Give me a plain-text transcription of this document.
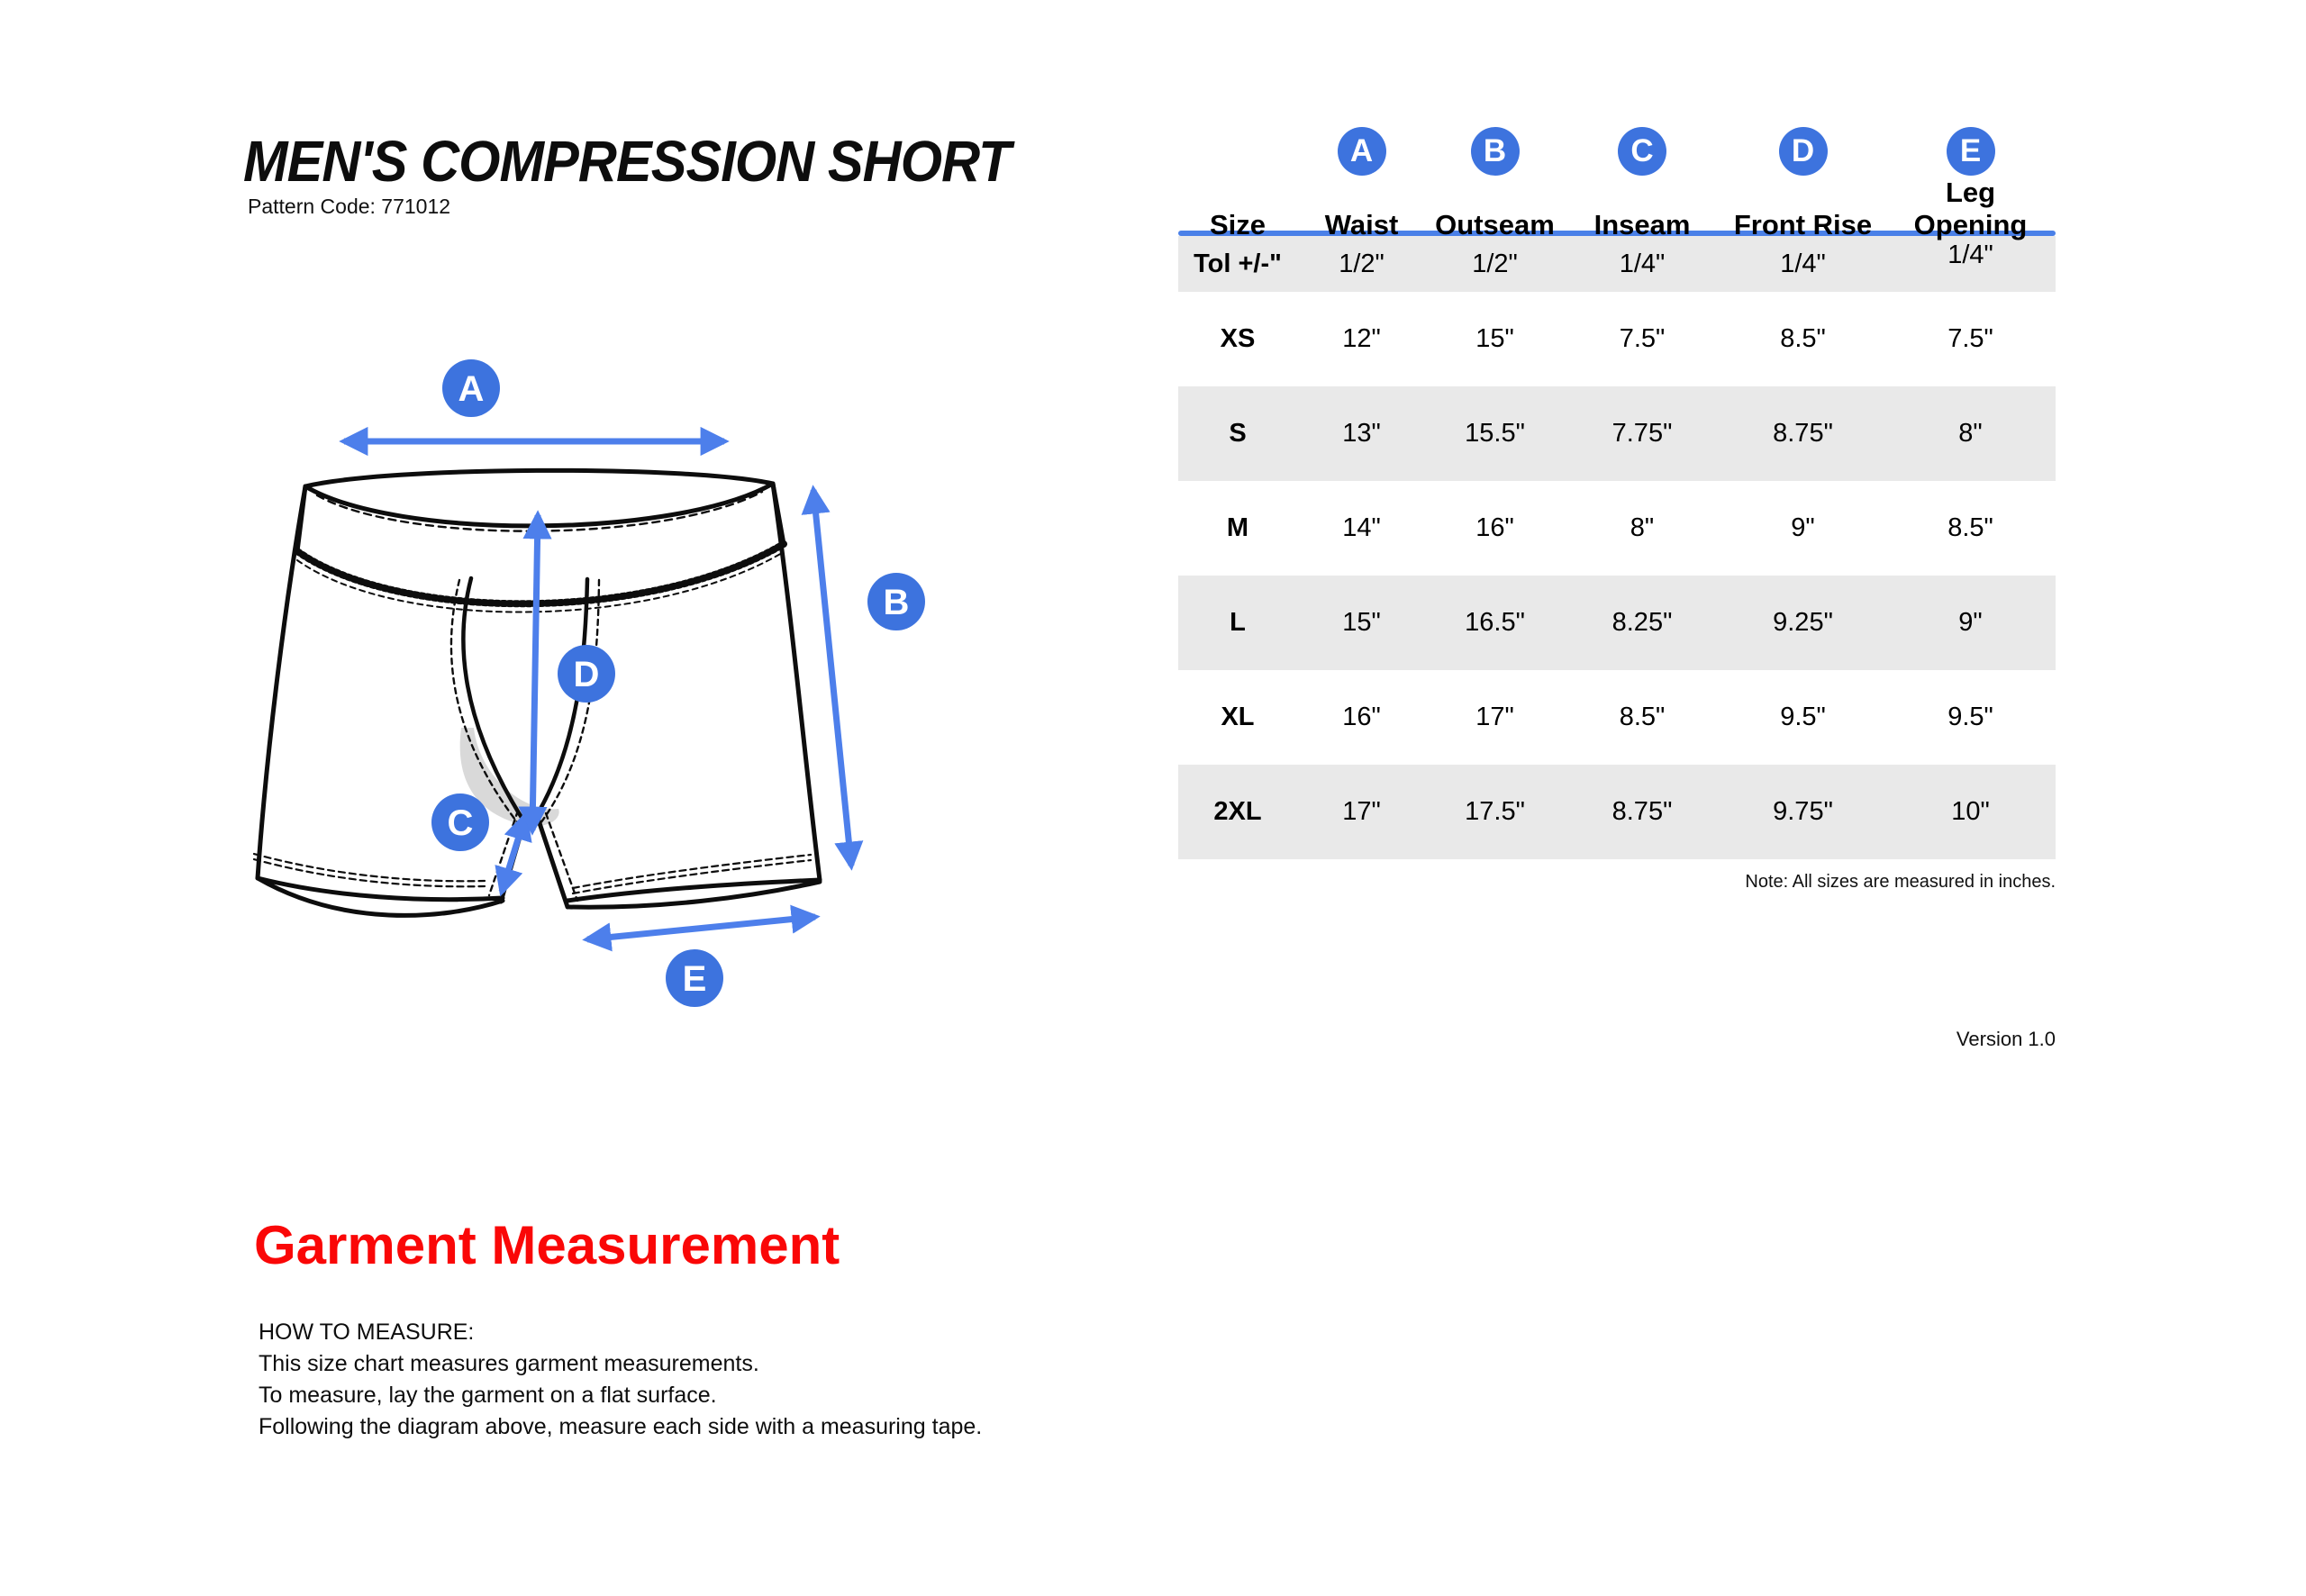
MEN'S COMPRESSION SHORT
Pattern Code: 771012
A
B
C
D
E
A	B	C	D	E
Size	Waist	Outseam	Inseam	Front Rise
Leg Opening
Tol +/-"	1/2"	1/2"	1/4"	1/4"	1/4"
XS	12"	15"	7.5"	8.5"	7.5"
S	13"	15.5"	7.75"	8.75"	8"
M	14"	16"	8"	9"	8.5"
L	15"	16.5"	8.25"	9.25"	9"
XL	16"	17"	8.5"	9.5"	9.5"
2XL	17"	17.5"	8.75"	9.75"	10"
Note: All sizes are measured in inches.
Version 1.0
Garment Measurement
HOW TO MEASURE:
This size chart measures garment measurements.
To measure, lay the garment on a flat surface.
Following the diagram above, measure each side with a measuring tape.
